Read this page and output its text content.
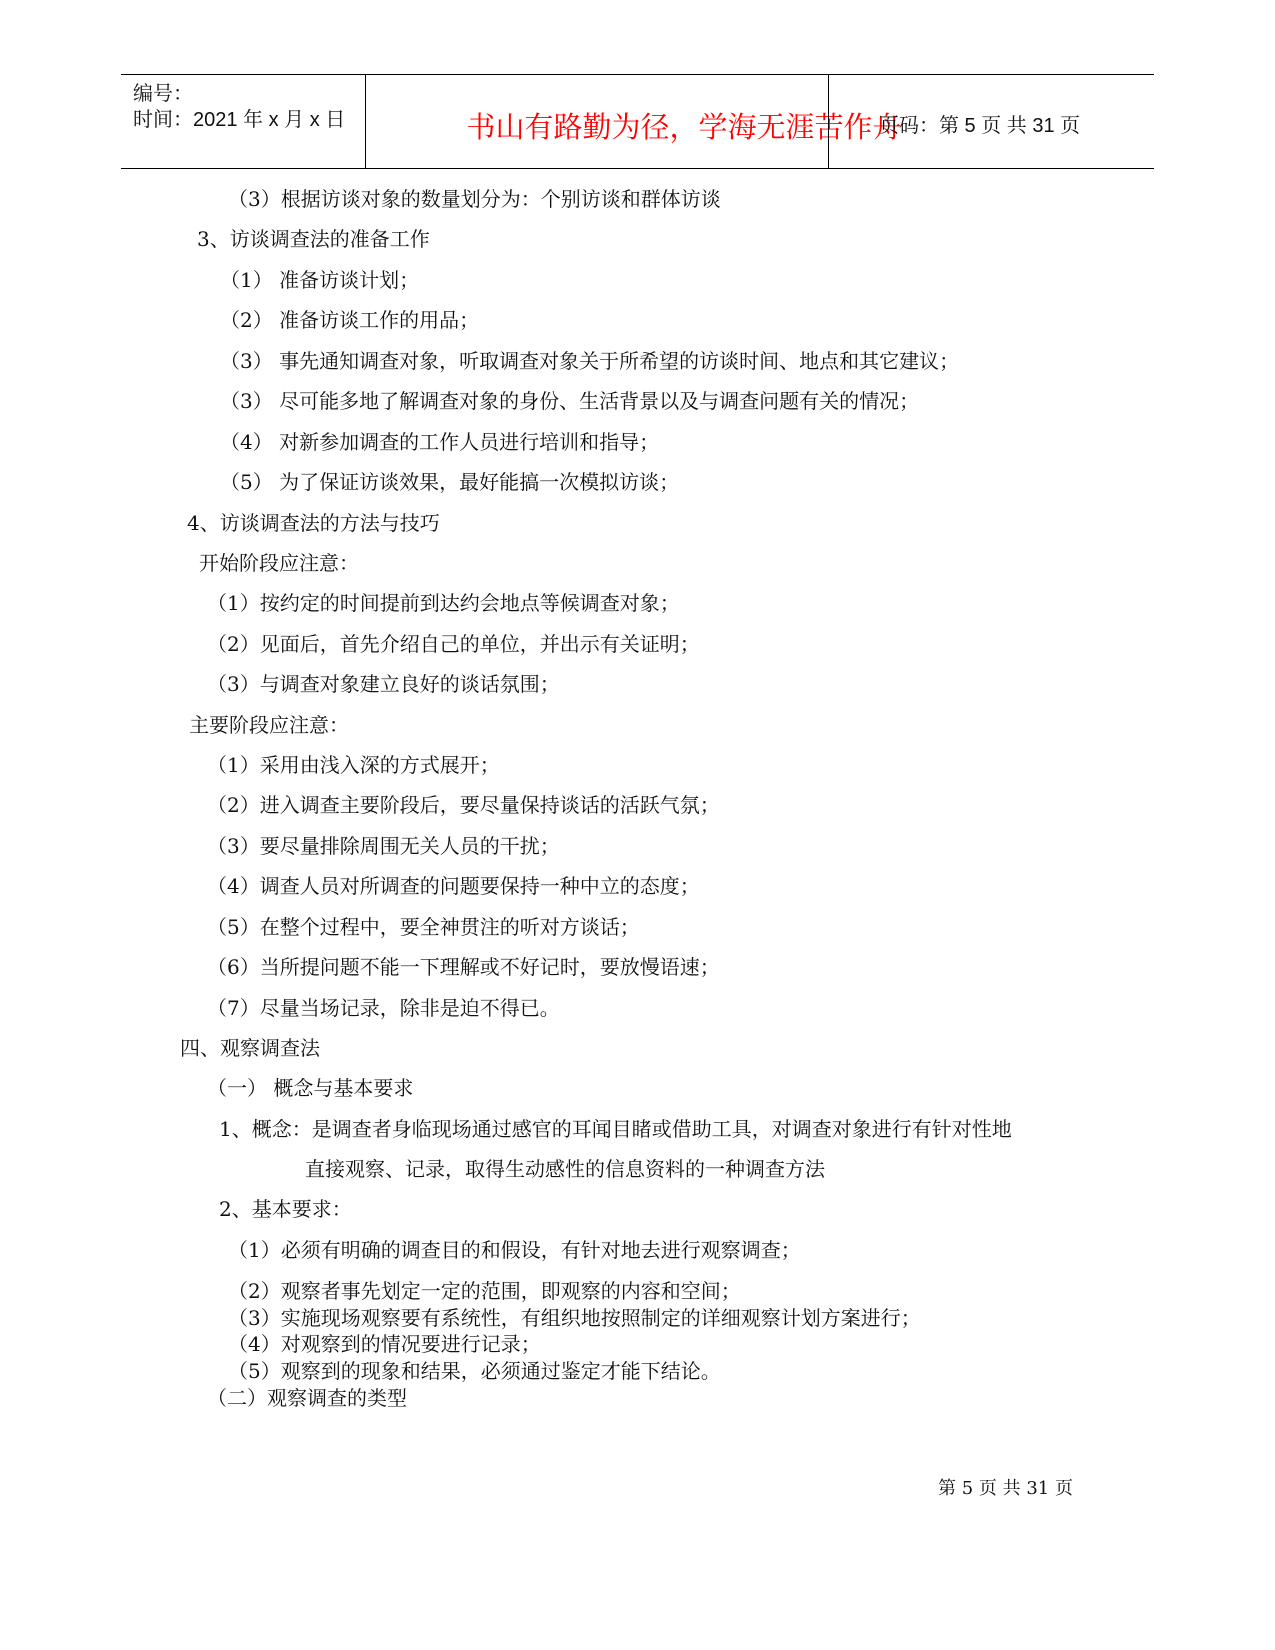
编号：
时间：2021 年 x 月 x 日	书山有路勤为径，学海无涯苦作舟
页码：第 5 页 共 31 页
（3）根据访谈对象的数量划分为：个别访谈和群体访谈
3、访谈调查法的准备工作
（1） 准备访谈计划；
（2） 准备访谈工作的用品；
（3） 事先通知调查对象，听取调查对象关于所希望的访谈时间、地点和其它建议；
（3） 尽可能多地了解调查对象的身份、生活背景以及与调查问题有关的情况；
（4） 对新参加调查的工作人员进行培训和指导；
（5） 为了保证访谈效果，最好能搞一次模拟访谈；
4、访谈调查法的方法与技巧
开始阶段应注意：
（1）按约定的时间提前到达约会地点等候调查对象；
（2）见面后，首先介绍自己的单位，并出示有关证明；
（3）与调查对象建立良好的谈话氛围；
主要阶段应注意：
（1）采用由浅入深的方式展开；
（2）进入调查主要阶段后，要尽量保持谈话的活跃气氛；
（3）要尽量排除周围无关人员的干扰；
（4）调查人员对所调查的问题要保持一种中立的态度；
（5）在整个过程中，要全神贯注的听对方谈话；
（6）当所提问题不能一下理解或不好记时，要放慢语速；
（7）尽量当场记录，除非是迫不得已。
四、观察调查法
（一） 概念与基本要求
1、概念：是调查者身临现场通过感官的耳闻目睹或借助工具，对调查对象进行有针对性地
直接观察、记录，取得生动感性的信息资料的一种调查方法
2、基本要求：
（1）必须有明确的调查目的和假设，有针对地去进行观察调查；
（2）观察者事先划定一定的范围，即观察的内容和空间；
（3）实施现场观察要有系统性，有组织地按照制定的详细观察计划方案进行；
（4）对观察到的情况要进行记录；
（5）观察到的现象和结果，必须通过鉴定才能下结论。
（二）观察调查的类型
第 5 页 共 31 页
